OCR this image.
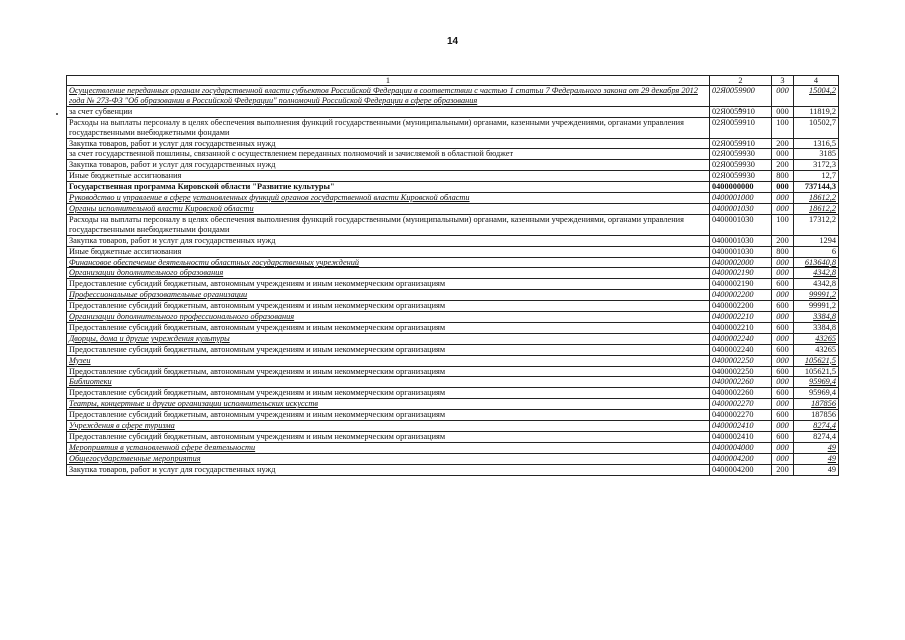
14
1	2	3	4
Осуществление переданных органам государственной власти субъектов Российской Федерации в соответствии с частью 1 статьи 7 Федерального закона от 29 декабря 2012 года № 273-ФЗ "Об образовании в Российской Федерации" полномочий Российской Федерации в сфере образования	02Я0059900	000	15004,2
за счет субвенции	02Я0059910	000	11819,2
Расходы на выплаты персоналу в целях обеспечения выполнения функций государственными (муниципальными) органами, казенными учреждениями, органами управления государственными внебюджетными фондами	02Я0059910	100	10502,7
Закупка товаров, работ и услуг для государственных нужд	02Я0059910	200	1316,5
за счет государственной пошлины, связанной с осуществлением переданных полномочий и зачисляемой в областной бюджет	02Я0059930	000	3185
Закупка товаров, работ и услуг для государственных нужд	02Я0059930	200	3172,3
Иные бюджетные ассигнования	02Я0059930	800	12,7
Государственная программа Кировской области "Развитие культуры"	0400000000	000	737144,3
Руководство и управление в сфере установленных функций органов государственной власти Кировской области	0400001000	000	18612,2
Органы исполнительной власти Кировской области	0400001030	000	18612,2
Расходы на выплаты персоналу в целях обеспечения выполнения функций государственными (муниципальными) органами, казенными учреждениями, органами управления государственными внебюджетными фондами	0400001030	100	17312,2
Закупка товаров, работ и услуг для государственных нужд	0400001030	200	1294
Иные бюджетные ассигнования	0400001030	800	6
Финансовое обеспечение деятельности областных государственных учреждений	0400002000	000	613640,8
Организации дополнительного образования	0400002190	000	4342,8
Предоставление субсидий бюджетным, автономным учреждениям и иным некоммерческим организациям	0400002190	600	4342,8
Профессиональные образовательные организации	0400002200	000	99991,2
Предоставление субсидий бюджетным, автономным учреждениям и иным некоммерческим организациям	0400002200	600	99991,2
Организации дополнительного профессионального образования	0400002210	000	3384,8
Предоставление субсидий бюджетным, автономным учреждениям и иным некоммерческим организациям	0400002210	600	3384,8
Дворцы, дома и другие учреждения культуры	0400002240	000	43265
Предоставление субсидий бюджетным, автономным учреждениям и иным некоммерческим организациям	0400002240	600	43265
Музеи	0400002250	000	105621,5
Предоставление субсидий бюджетным, автономным учреждениям и иным некоммерческим организациям	0400002250	600	105621,5
Библиотеки	0400002260	000	95969,4
Предоставление субсидий бюджетным, автономным учреждениям и иным некоммерческим организациям	0400002260	600	95969,4
Театры, концертные и другие организации исполнительских искусств	0400002270	000	187856
Предоставление субсидий бюджетным, автономным учреждениям и иным некоммерческим организациям	0400002270	600	187856
Учреждения в сфере туризма	0400002410	000	8274,4
Предоставление субсидий бюджетным, автономным учреждениям и иным некоммерческим организациям	0400002410	600	8274,4
Мероприятия в установленной сфере деятельности	0400004000	000	49
Общегосударственные мероприятия	0400004200	000	49
Закупка товаров, работ и услуг для государственных нужд	0400004200	200	49
